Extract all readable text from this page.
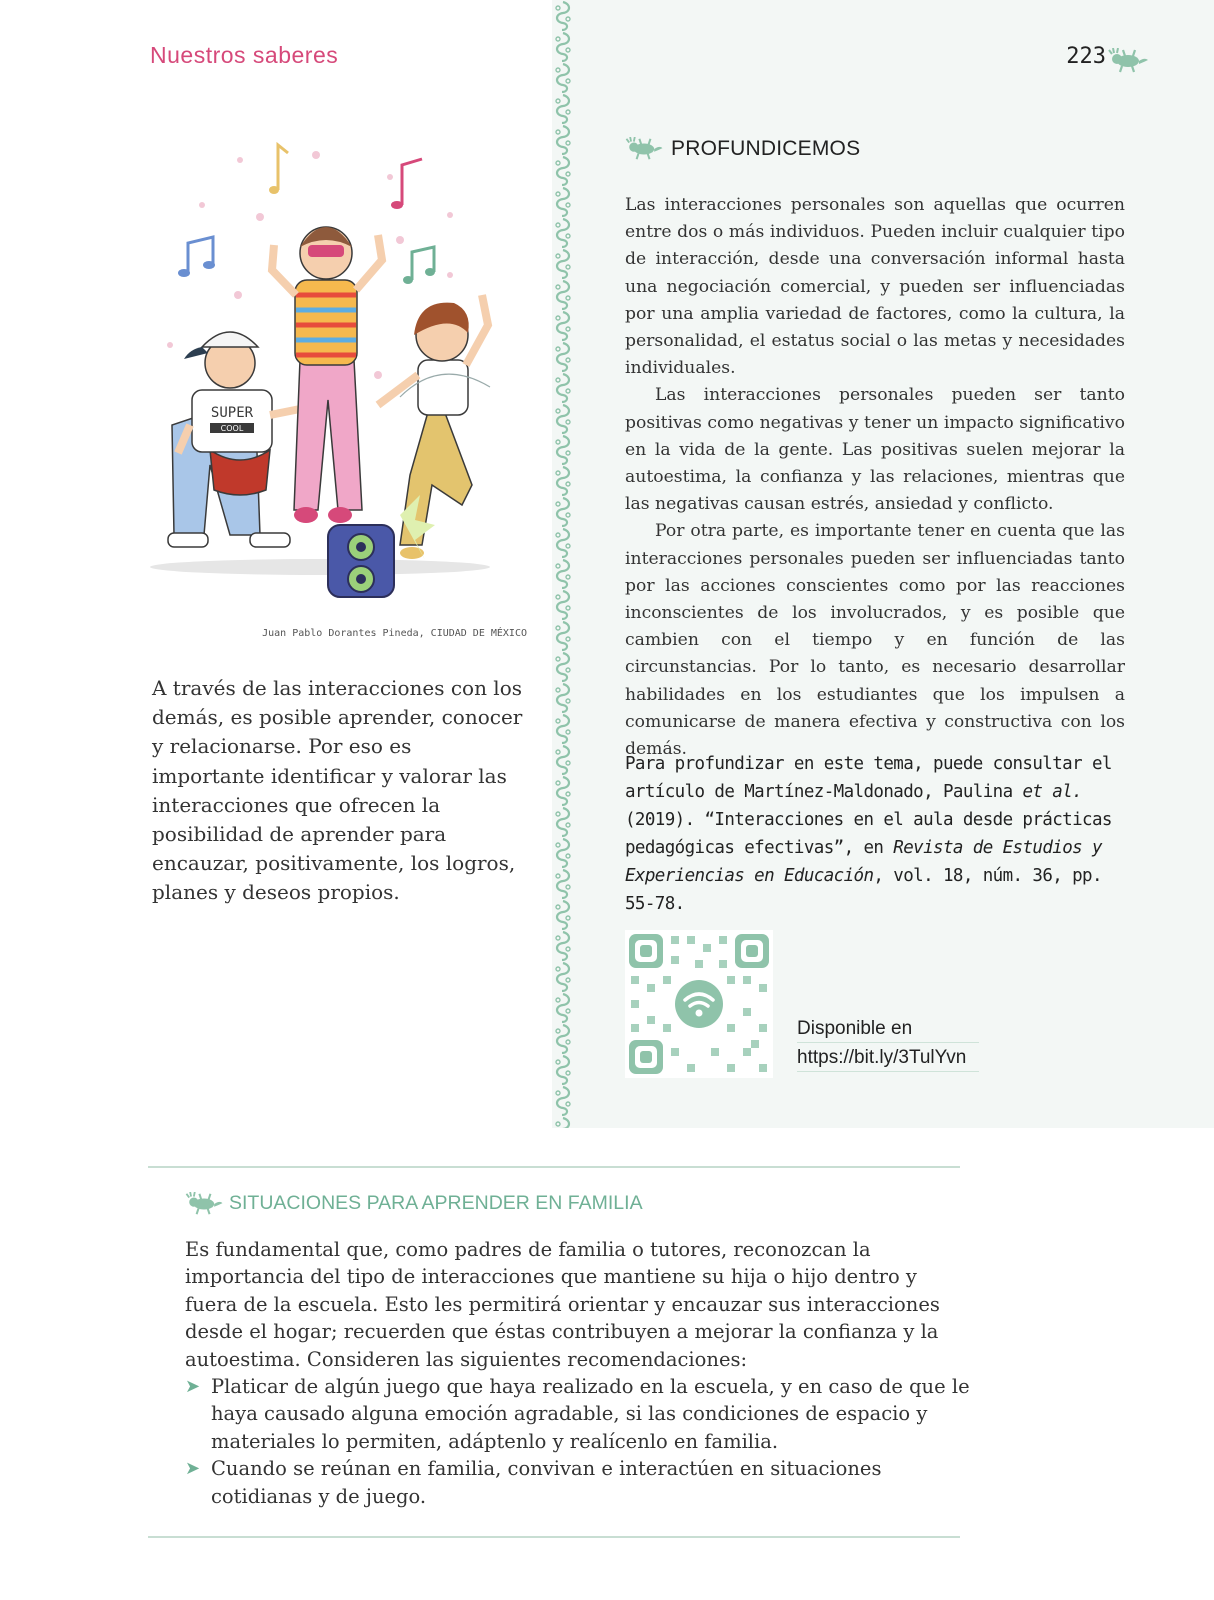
Nuestros saberes	223
SUPER
COOL
Juan Pablo Dorantes Pineda, CIUDAD DE MÉXICO
A través de las interacciones con los demás, es posible aprender, conocer y relacionarse. Por eso es importante identificar y valorar las interacciones que ofrecen la posibilidad de aprender para encauzar, positivamente, los logros, planes y deseos propios.
PROFUNDICEMOS

Las interacciones personales son aquellas que ocurren entre dos o más individuos. Pueden incluir cualquier tipo de interacción, desde una conversación informal hasta una negociación comercial, y pueden ser influenciadas por una amplia variedad de factores, como la cultura, la personalidad, el estatus social o las metas y necesidades individuales.

Las interacciones personales pueden ser tanto positivas como negativas y tener un impacto significativo en la vida de la gente. Las positivas suelen mejorar la autoestima, la confianza y las relaciones, mientras que las negativas causan estrés, ansiedad y conflicto.

Por otra parte, es importante tener en cuenta que las interacciones personales pueden ser influenciadas tanto por las acciones conscientes como por las reacciones inconscientes de los involucrados, y es posible que cambien con el tiempo y en función de las circunstancias. Por lo tanto, es necesario desarrollar habilidades en los estudiantes que los impulsen a comunicarse de manera efectiva y constructiva con los demás.

Para profundizar en este tema, puede consultar el artículo de Martínez-Maldonado, Paulina et al. (2019). “Interacciones en el aula desde prácticas pedagógicas efectivas”, en Revista de Estudios y Experiencias en Educación, vol. 18, núm. 36, pp. 55-78.
Disponible en
https://bit.ly/3TulYvn
SITUACIONES PARA APRENDER EN FAMILIA
Es fundamental que, como padres de familia o tutores, reconozcan la importancia del tipo de interacciones que mantiene su hija o hijo dentro y fuera de la escuela. Esto les permitirá orientar y encauzar sus interacciones desde el hogar; recuerden que éstas contribuyen a mejorar la confianza y la autoestima. Consideren las siguientes recomendaciones:
➤ Platicar de algún juego que haya realizado en la escuela, y en caso de que le haya causado alguna emoción agradable, si las condiciones de espacio y materiales lo permiten, adáptenlo y realícenlo en familia.
➤ Cuando se reúnan en familia, convivan e interactúen en situaciones cotidianas y de juego.
